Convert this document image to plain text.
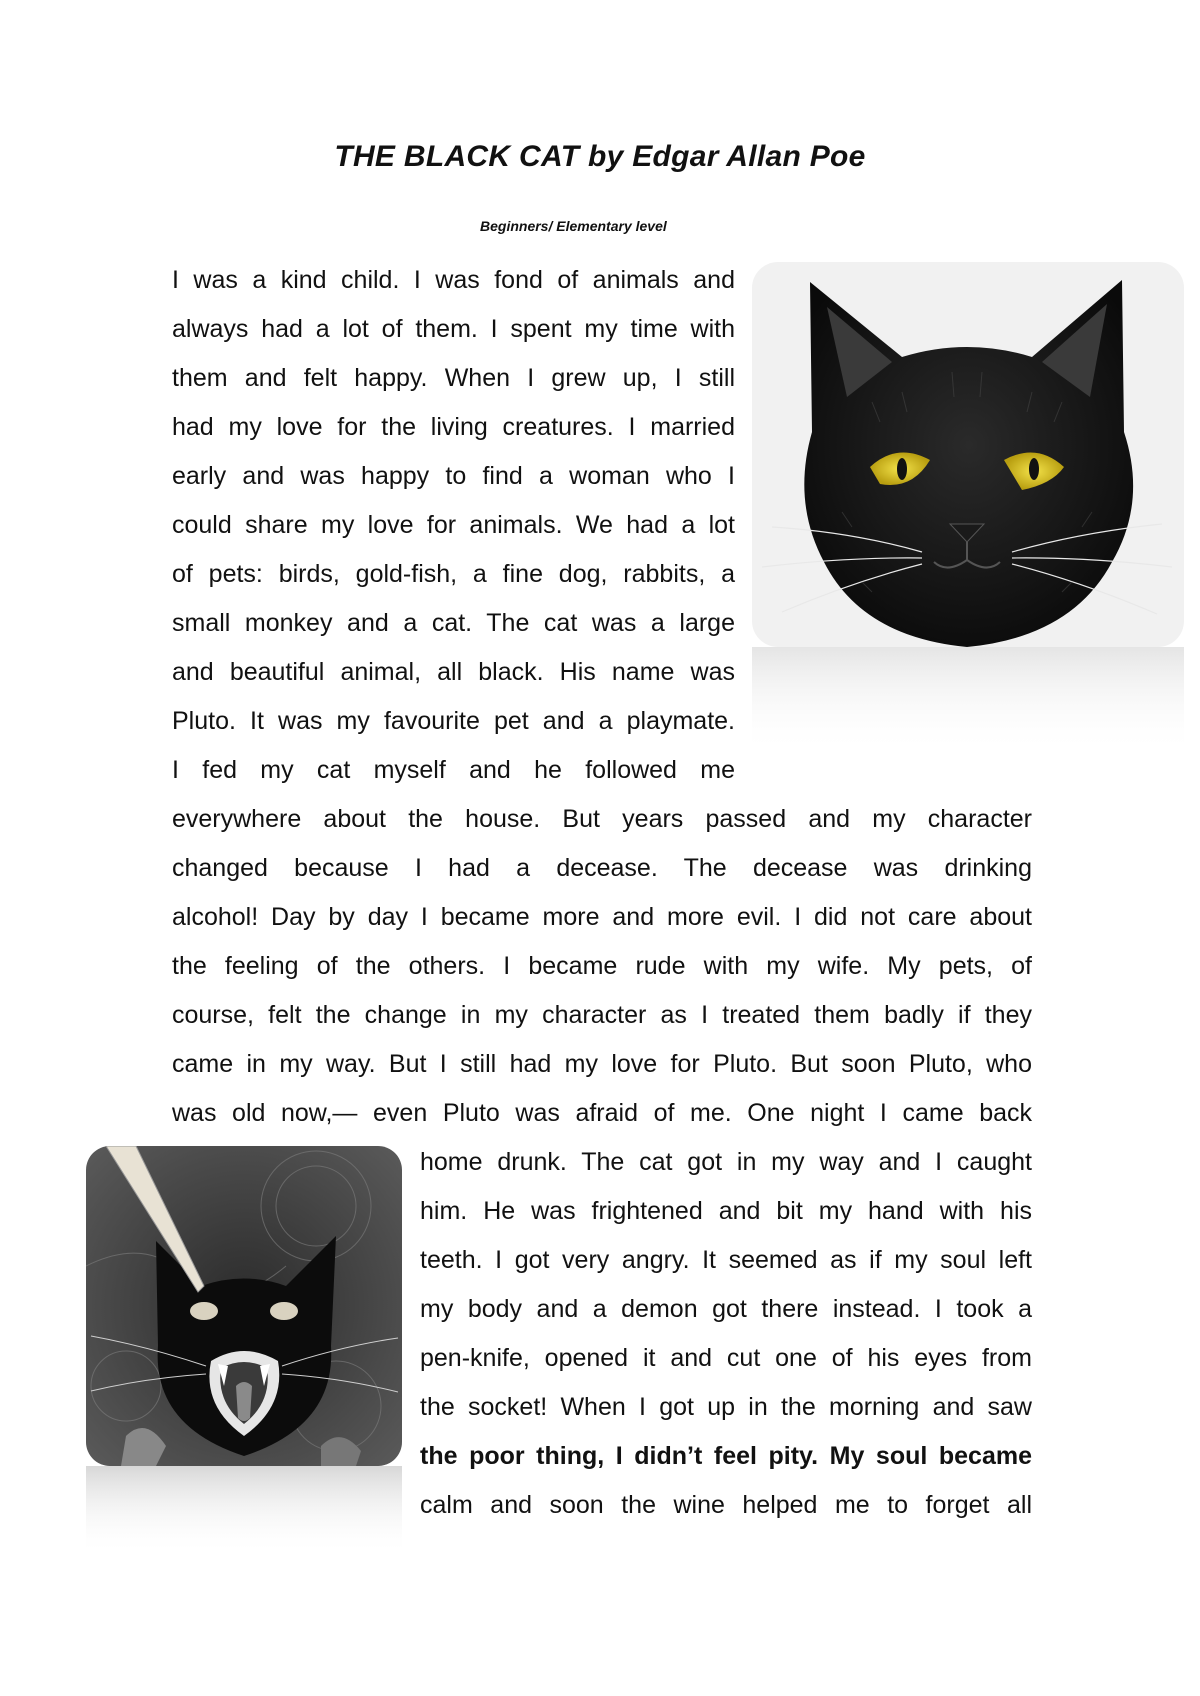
THE BLACK CAT by Edgar Allan Poe

Beginners/ Elementary level

I was a kind child. I was fond of animals and
always had a lot of them. I spent my time with
them and felt happy. When I grew up, I still
had my love for the living creatures. I married
early and was happy to find a woman who I
could share my love for animals. We had a lot
of pets: birds, gold-fish, a fine dog, rabbits, a
small monkey and a cat. The cat was a large
and beautiful animal, all black. His name was
Pluto. It was my favourite pet and a playmate.
I fed my cat myself and he followed me
everywhere about the house. But years passed and my character
changed because I had a decease. The decease was drinking
alcohol! Day by day I became more and more evil. I did not care about
the feeling of the others. I became rude with my wife. My pets, of
course, felt the change in my character as I treated them badly if they
came in my way. But I still had my love for Pluto. But soon Pluto, who
was old now,— even Pluto was afraid of me. One night I came back
home drunk. The cat got in my way and I caught
him. He was frightened and bit my hand with his
teeth. I got very angry. It seemed as if my soul left
my body and a demon got there instead. I took a
pen-knife, opened it and cut one of his eyes from
the socket! When I got up in the morning and saw
the poor thing, I didn’t feel pity. My soul became
calm and soon the wine helped me to forget all
